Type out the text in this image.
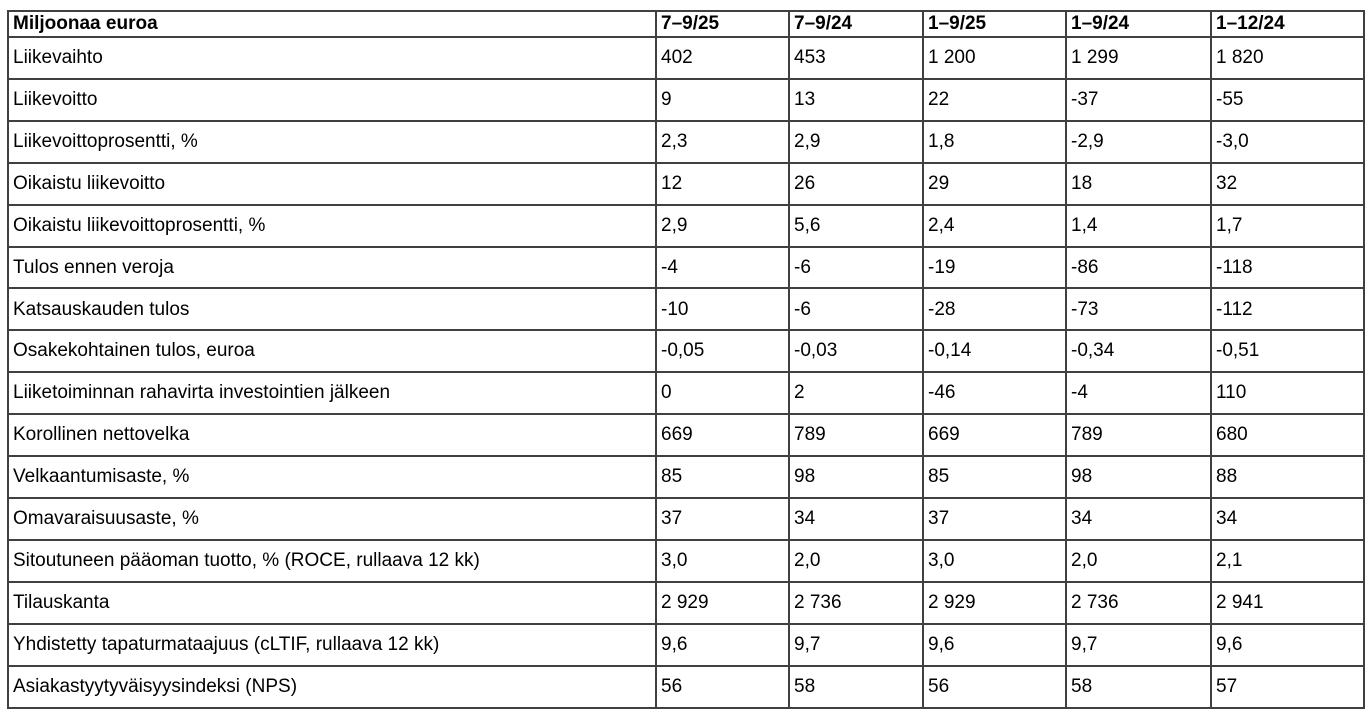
Miljoonaa euroa	7–9/25	7–9/24	1–9/25	1–9/24	1–12/24
Liikevaihto	402	453	1 200	1 299	1 820
Liikevoitto	9	13	22	-37	-55
Liikevoittoprosentti, %	2,3	2,9	1,8	-2,9	-3,0
Oikaistu liikevoitto	12	26	29	18	32
Oikaistu liikevoittoprosentti, %	2,9	5,6	2,4	1,4	1,7
Tulos ennen veroja	-4	-6	-19	-86	-118
Katsauskauden tulos	-10	-6	-28	-73	-112
Osakekohtainen tulos, euroa	-0,05	-0,03	-0,14	-0,34	-0,51
Liiketoiminnan rahavirta investointien jälkeen	0	2	-46	-4	110
Korollinen nettovelka	669	789	669	789	680
Velkaantumisaste, %	85	98	85	98	88
Omavaraisuusaste, %	37	34	37	34	34
Sitoutuneen pääoman tuotto, % (ROCE, rullaava 12 kk)	3,0	2,0	3,0	2,0	2,1
Tilauskanta	2 929	2 736	2 929	2 736	2 941
Yhdistetty tapaturmataajuus (cLTIF, rullaava 12 kk)	9,6	9,7	9,6	9,7	9,6
Asiakastyytyväisyysindeksi (NPS)	56	58	56	58	57
